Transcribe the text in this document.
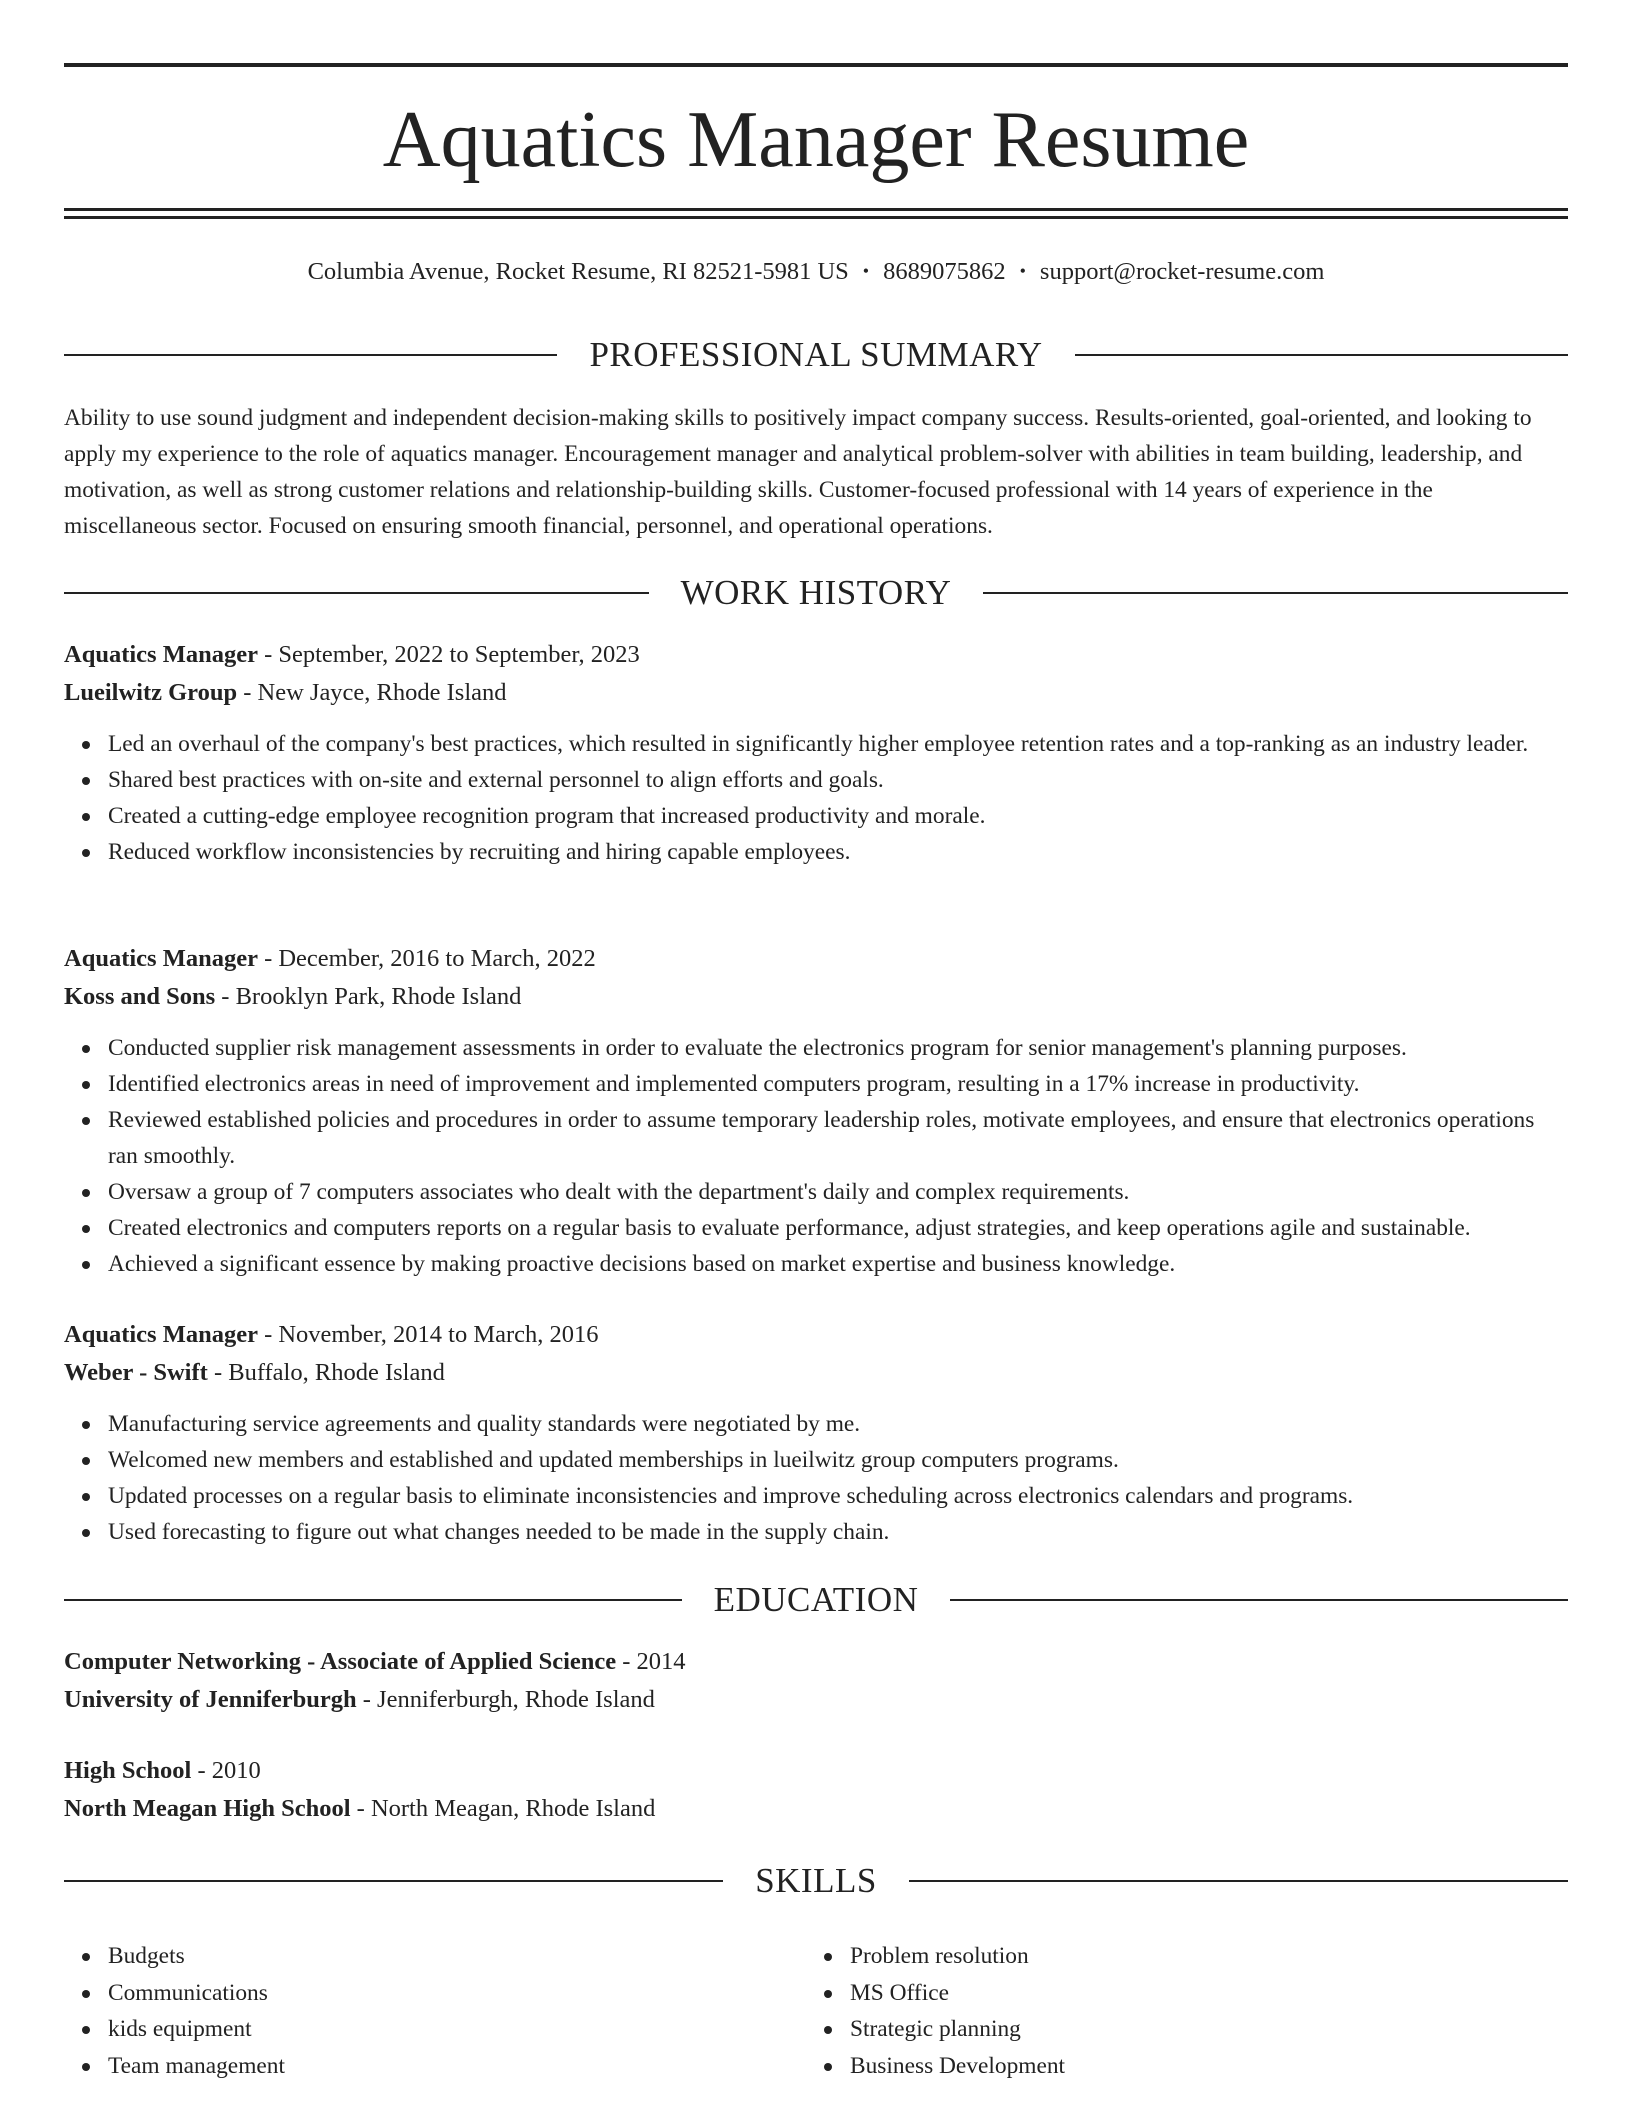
Aquatics Manager Resume
Columbia Avenue, Rocket Resume, RI 82521-5981 US • 8689075862 • support@rocket-resume.com
PROFESSIONAL SUMMARY

Ability to use sound judgment and independent decision-making skills to positively impact company success. Results-oriented, goal-oriented, and looking to apply my experience to the role of aquatics manager. Encouragement manager and analytical problem-solver with abilities in team building, leadership, and motivation, as well as strong customer relations and relationship-building skills. Customer-focused professional with 14 years of experience in the miscellaneous sector. Focused on ensuring smooth financial, personnel, and operational operations.

WORK HISTORY
Aquatics Manager - September, 2022 to September, 2023
Lueilwitz Group - New Jayce, Rhode Island
Led an overhaul of the company's best practices, which resulted in significantly higher employee retention rates and a top-ranking as an industry leader.
Shared best practices with on-site and external personnel to align efforts and goals.
Created a cutting-edge employee recognition program that increased productivity and morale.
Reduced workflow inconsistencies by recruiting and hiring capable employees.
Aquatics Manager - December, 2016 to March, 2022
Koss and Sons - Brooklyn Park, Rhode Island
Conducted supplier risk management assessments in order to evaluate the electronics program for senior management's planning purposes.
Identified electronics areas in need of improvement and implemented computers program, resulting in a 17% increase in productivity.
Reviewed established policies and procedures in order to assume temporary leadership roles, motivate employees, and ensure that electronics operations ran smoothly.
Oversaw a group of 7 computers associates who dealt with the department's daily and complex requirements.
Created electronics and computers reports on a regular basis to evaluate performance, adjust strategies, and keep operations agile and sustainable.
Achieved a significant essence by making proactive decisions based on market expertise and business knowledge.
Aquatics Manager - November, 2014 to March, 2016
Weber - Swift - Buffalo, Rhode Island
Manufacturing service agreements and quality standards were negotiated by me.
Welcomed new members and established and updated memberships in lueilwitz group computers programs.
Updated processes on a regular basis to eliminate inconsistencies and improve scheduling across electronics calendars and programs.
Used forecasting to figure out what changes needed to be made in the supply chain.
EDUCATION
Computer Networking - Associate of Applied Science - 2014
University of Jenniferburgh - Jenniferburgh, Rhode Island
High School - 2010
North Meagan High School - North Meagan, Rhode Island
SKILLS
Budgets
Communications
kids equipment
Team management
Problem resolution
MS Office
Strategic planning
Business Development
